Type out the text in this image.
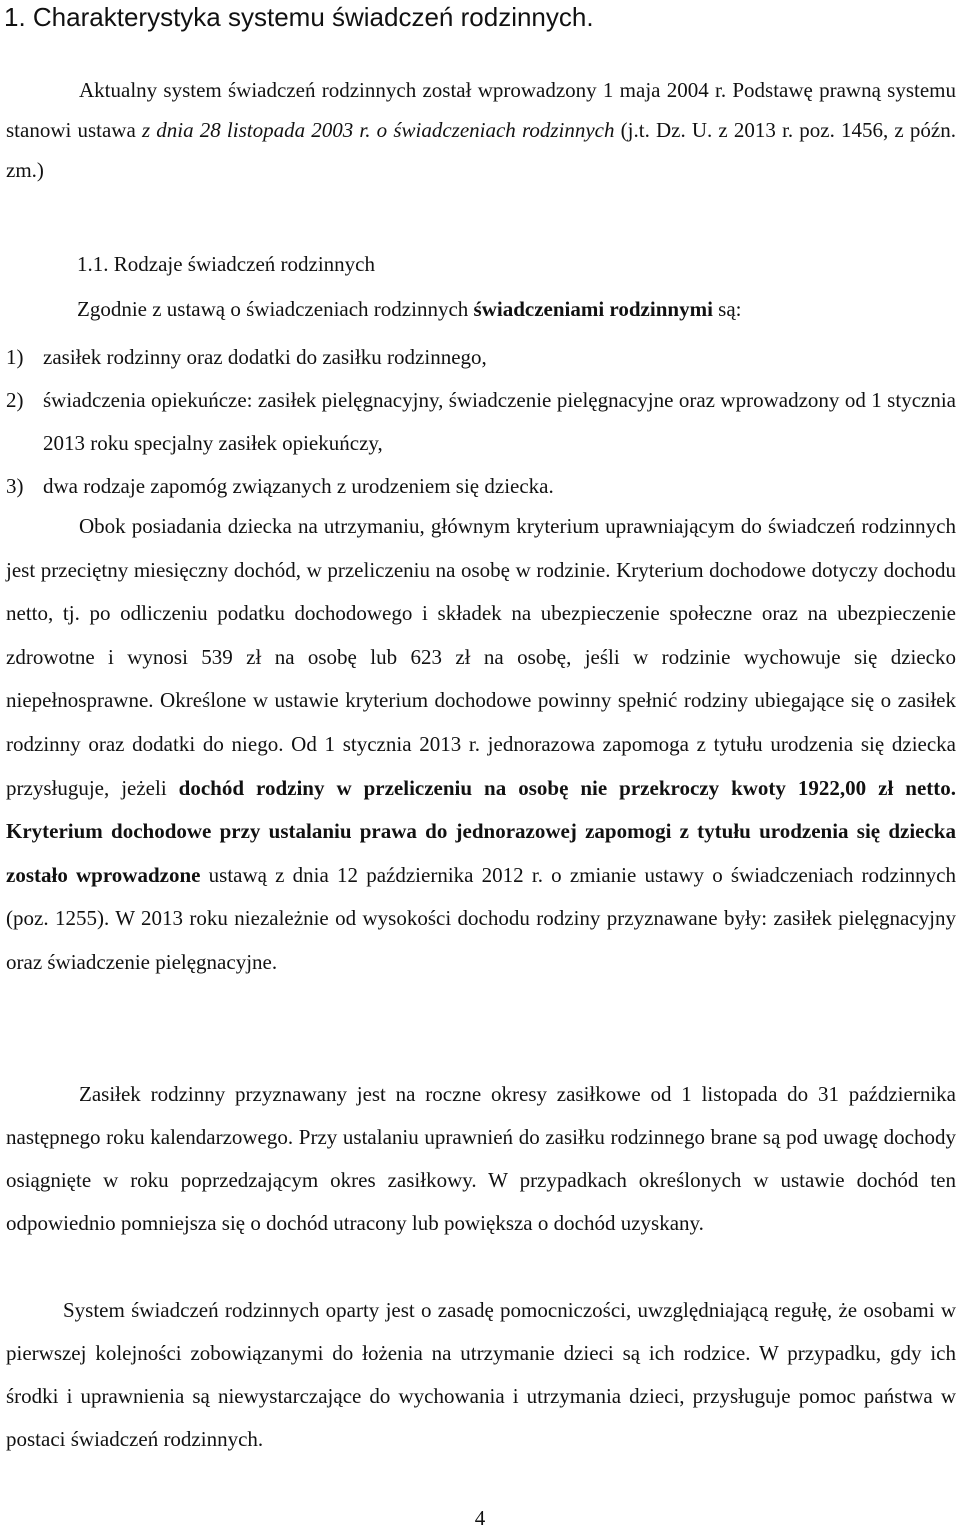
1. Charakterystyka systemu świadczeń rodzinnych.

Aktualny system świadczeń rodzinnych został wprowadzony 1 maja 2004 r. Podstawę prawną systemu stanowi ustawa z dnia 28 listopada 2003 r. o świadczeniach rodzinnych (j.t. Dz. U. z 2013 r. poz. 1456, z późn. zm.)

1.1. Rodzaje świadczeń rodzinnych
Zgodnie z ustawą o świadczeniach rodzinnych świadczeniami rodzinnymi są:
1) zasiłek rodzinny oraz dodatki do zasiłku rodzinnego,
2) świadczenia opiekuńcze: zasiłek pielęgnacyjny, świadczenie pielęgnacyjne oraz wprowadzony od 1 stycznia 2013 roku specjalny zasiłek opiekuńczy,
3) dwa rodzaje zapomóg związanych z urodzeniem się dziecka.

Obok posiadania dziecka na utrzymaniu, głównym kryterium uprawniającym do świadczeń rodzinnych jest przeciętny miesięczny dochód, w przeliczeniu na osobę w rodzinie. Kryterium dochodowe dotyczy dochodu netto, tj. po odliczeniu podatku dochodowego i składek na ubezpieczenie społeczne oraz na ubezpieczenie zdrowotne i wynosi 539 zł na osobę lub 623 zł na osobę, jeśli w rodzinie wychowuje się dziecko niepełnosprawne. Określone w ustawie kryterium dochodowe powinny spełnić rodziny ubiegające się o zasiłek rodzinny oraz dodatki do niego. Od 1 stycznia 2013 r. jednorazowa zapomoga z tytułu urodzenia się dziecka przysługuje, jeżeli dochód rodziny w przeliczeniu na osobę nie przekroczy kwoty 1922,00 zł netto. Kryterium dochodowe przy ustalaniu prawa do jednorazowej zapomogi z tytułu urodzenia się dziecka zostało wprowadzone ustawą z dnia 12 października 2012 r. o zmianie ustawy o świadczeniach rodzinnych (poz. 1255). W 2013 roku niezależnie od wysokości dochodu rodziny przyznawane były: zasiłek pielęgnacyjny oraz świadczenie pielęgnacyjne.

Zasiłek rodzinny przyznawany jest na roczne okresy zasiłkowe od 1 listopada do 31 października następnego roku kalendarzowego. Przy ustalaniu uprawnień do zasiłku rodzinnego brane są pod uwagę dochody osiągnięte w roku poprzedzającym okres zasiłkowy. W przypadkach określonych w ustawie dochód ten odpowiednio pomniejsza się o dochód utracony lub powiększa o dochód uzyskany.

System świadczeń rodzinnych oparty jest o zasadę pomocniczości, uwzględniającą regułę, że osobami w pierwszej kolejności zobowiązanymi do łożenia na utrzymanie dzieci są ich rodzice. W przypadku, gdy ich środki i uprawnienia są niewystarczające do wychowania i utrzymania dzieci, przysługuje pomoc państwa w postaci świadczeń rodzinnych.

4
